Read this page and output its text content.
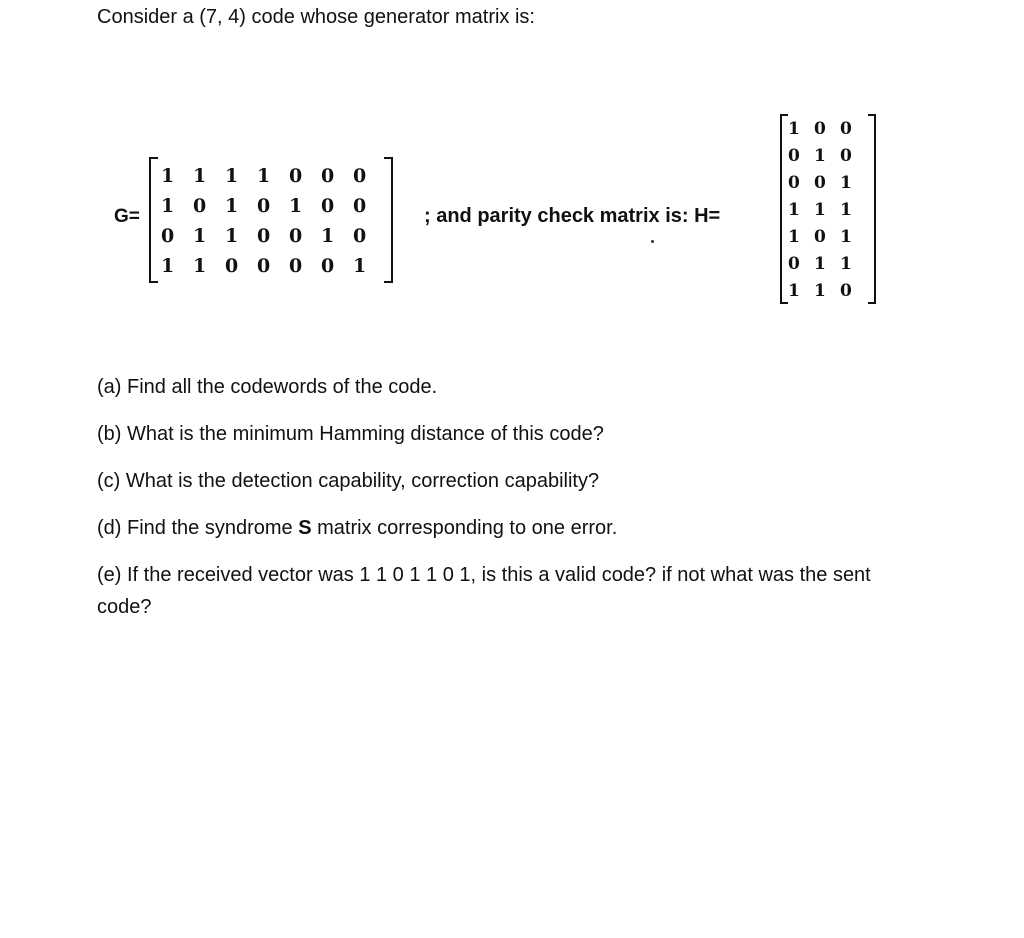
Consider a (7, 4) code whose generator matrix is:

G=
1 1 1 1 0 0 0
1 0 1 0 1 0 0
0 1 1 0 0 1 0
1 1 0 0 0 0 1
; and parity check matrix is: H=
1 0 0
0 1 0
0 0 1
1 1 1
1 0 1
0 1 1
1 1 0

(a) Find all the codewords of the code.

(b) What is the minimum Hamming distance of this code?

(c) What is the detection capability, correction capability?

(d) Find the syndrome S matrix corresponding to one error.

(e) If the received vector was 1 1 0 1 1 0 1, is this a valid code? if not what was the sent code?
